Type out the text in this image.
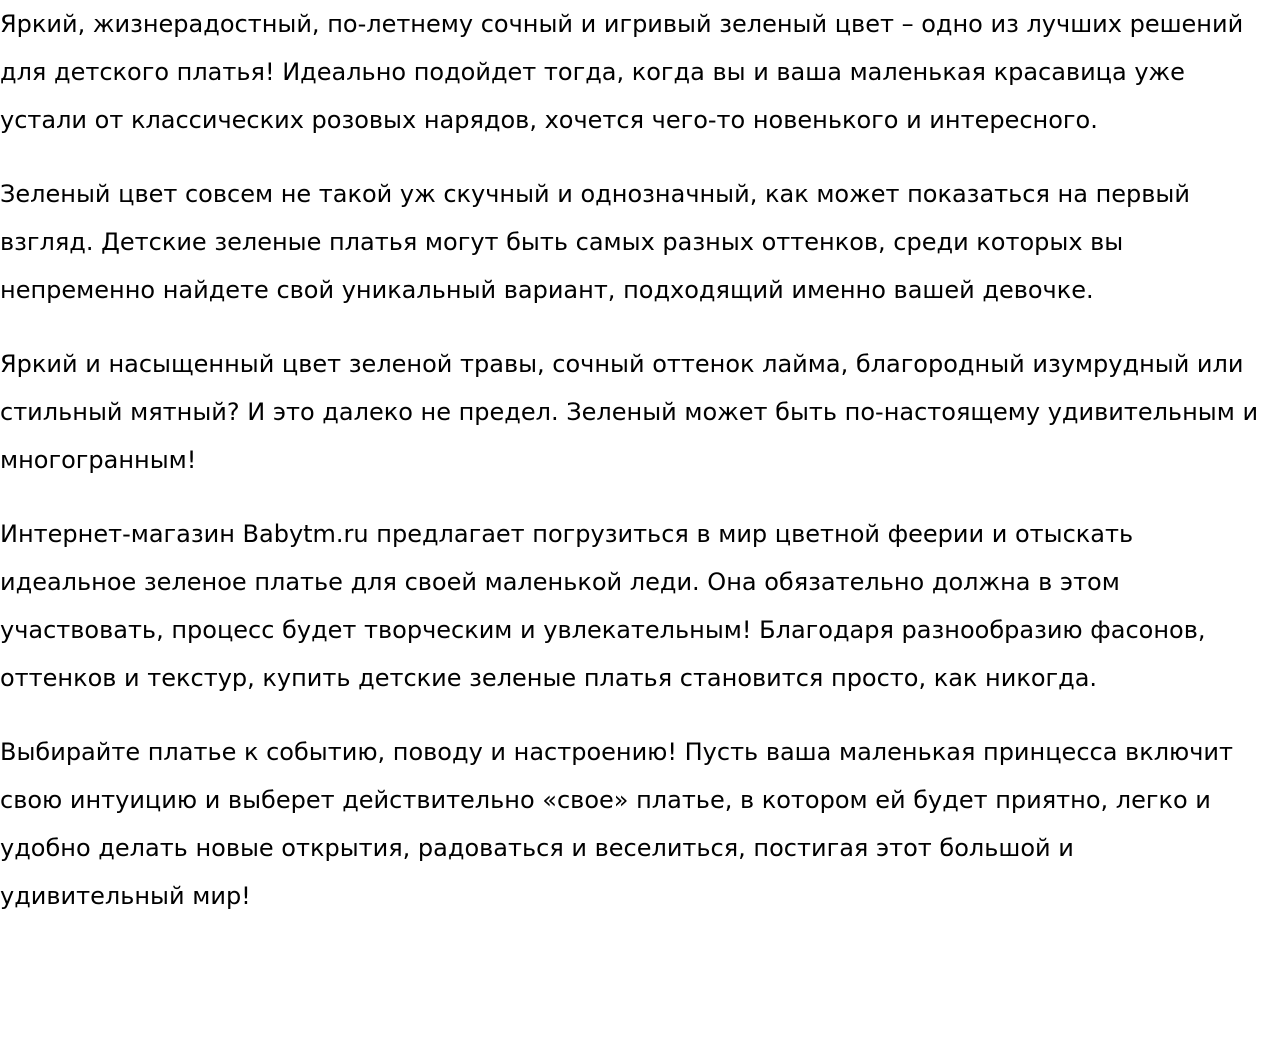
Яркий, жизнерадостный, по-летнему сочный и игривый зеленый цвет – одно из лучших решений для детского платья! Идеально подойдет тогда, когда вы и ваша маленькая красавица уже устали от классических розовых нарядов, хочется чего-то новенького и интересного.

Зеленый цвет совсем не такой уж скучный и однозначный, как может показаться на первый взгляд. Детские зеленые платья могут быть самых разных оттенков, среди которых вы непременно найдете свой уникальный вариант, подходящий именно вашей девочке.

Яркий и насыщенный цвет зеленой травы, сочный оттенок лайма, благородный изумрудный или стильный мятный? И это далеко не предел. Зеленый может быть по-настоящему удивительным и многогранным!

Интернет-магазин Babytm.ru предлагает погрузиться в мир цветной феерии и отыскать идеальное зеленое платье для своей маленькой леди. Она обязательно должна в этом участвовать, процесс будет творческим и увлекательным! Благодаря разнообразию фасонов, оттенков и текстур, купить детские зеленые платья становится просто, как никогда.

Выбирайте платье к событию, поводу и настроению! Пусть ваша маленькая принцесса включит свою интуицию и выберет действительно «свое» платье, в котором ей будет приятно, легко и удобно делать новые открытия, радоваться и веселиться, постигая этот большой и удивительный мир!
